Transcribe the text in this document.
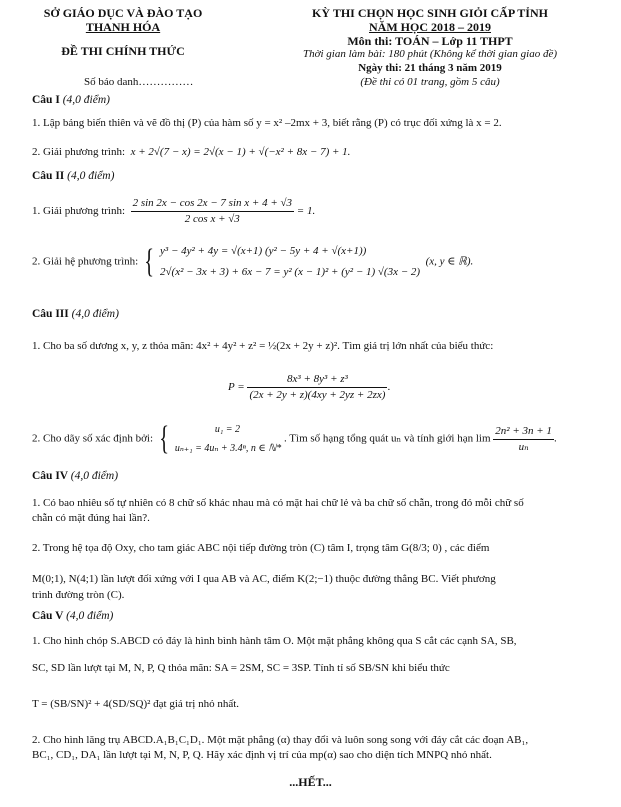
SỞ GIÁO DỤC VÀ ĐÀO TẠO
THANH HÓA
ĐỀ THI CHÍNH THỨC
Số báo danh……………
KỲ THI CHỌN HỌC SINH GIỎI CẤP TỈNH
NĂM HỌC 2018 – 2019
Môn thi: TOÁN – Lớp 11 THPT
Thời gian làm bài: 180 phút (Không kể thời gian giao đề)
Ngày thi: 21 tháng 3 năm 2019
(Đề thi có 01 trang, gồm 5 câu)
Câu I (4,0 điểm)
1. Lập bảng biến thiên và vẽ đồ thị (P) của hàm số y = x² –2mx + 3, biết rằng (P) có trục đối xứng là x = 2.
2. Giải phương trình: x + 2√(7 − x) = 2√(x − 1) + √(−x² + 8x − 7) + 1.
Câu II (4,0 điểm)
1. Giải phương trình: $\frac{\text{2 sin 2x − cos 2x − 7 sin x + 4 + √3}}{\text{2 cos x + √3}} = 1$.
2. Giải hệ phương trình: { y³ − 4y² + 4y = √(x+1) (y² − 5y + 4 + √(x+1))
2√(x² − 3x + 3) + 6x − 7 = y² (x − 1)² + (y² − 1) √(3x − 2)
(x, y ∈ ℝ).
Câu III (4,0 điểm)
1. Cho ba số dương x, y, z thỏa mãn: 4x² + 4y² + z² = ½(2x + 2y + z)². Tìm giá trị lớn nhất của biểu thức:
$P = \frac{\text{8x³ + 8y³ + z³}}{(2x + 2y + z)(4xy + 2yz + 2zx)}$ .
2. Cho dãy số xác định bởi: {	u₁ = 2
uₙ₊₁ = 4uₙ + 3.4ⁿ, n ∈ ℕ*
. Tìm số hạng tổng quát uₙ và tính giới hạn $\lim \frac{\text{2n² + 3n + 1}}{\text{uₙ}}$ .
Câu IV (4,0 điểm)
1. Có bao nhiêu số tự nhiên có 8 chữ số khác nhau mà có mặt hai chữ lẻ và ba chữ số chẵn, trong đó mỗi chữ số
chẵn có mặt đúng hai lần?.
2. Trong hệ tọa độ Oxy, cho tam giác ABC nội tiếp đường tròn (C) tâm I, trọng tâm G(8/3; 0) , các điểm
M(0;1), N(4;1) lần lượt đối xứng với I qua AB và AC, điểm K(2;−1) thuộc đường thẳng BC. Viết phương
trình đường tròn (C).
Câu V (4,0 điểm)
1. Cho hình chóp S.ABCD có đáy là hình bình hành tâm O. Một mặt phẳng không qua S cắt các cạnh SA, SB,
SC, SD lần lượt tại M, N, P, Q thỏa mãn: SA = 2SM, SC = 3SP. Tính tỉ số SB/SN khi biểu thức
T = (SB/SN)² + 4(SD/SQ)² đạt giá trị nhỏ nhất.
2. Cho hình lăng trụ ABCD.A₁B₁C₁D₁. Một mặt phẳng (α) thay đổi và luôn song song với đáy cắt các đoạn AB₁,
BC₁, CD₁, DA₁ lần lượt tại M, N, P, Q. Hãy xác định vị trí của mp(α) sao cho diện tích MNPQ nhỏ nhất.
...HẾT...
